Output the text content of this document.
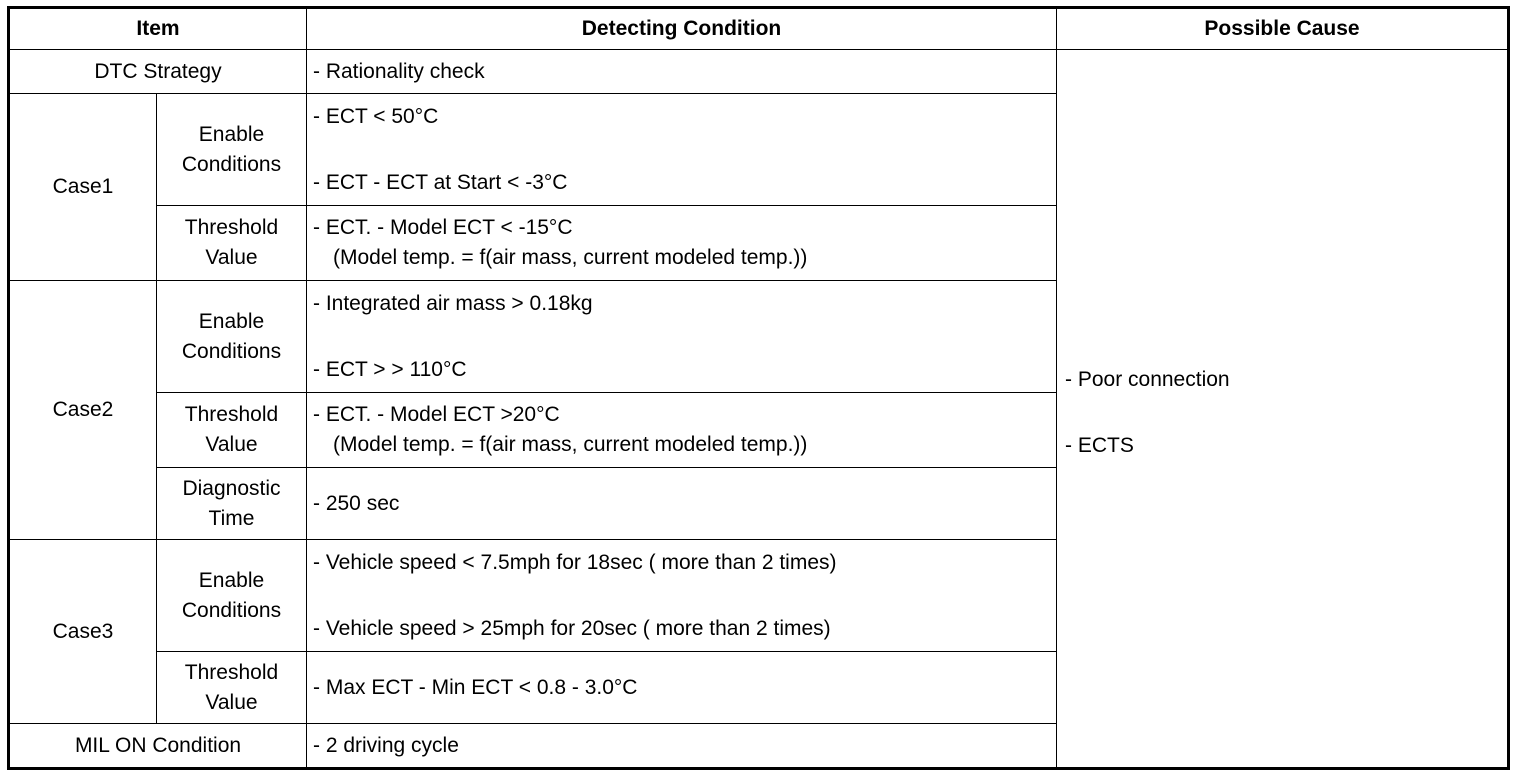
Item		Detecting Condition	Possible Cause
DTC Strategy		- Rationality check	- Poor connection
- ECTS

Case1	Enable Conditions	- ECT < 50°C
- ECT - ECT at Start < -3°C	

	Threshold Value	- ECT. - Model ECT < -15°C
(Model temp. = f(air mass, current modeled temp.))	

Case2	Enable Conditions	- Integrated air mass > 0.18kg
- ECT > > 110°C	

	Threshold Value	- ECT. - Model ECT >20°C
(Model temp. = f(air mass, current modeled temp.))	

	Diagnostic Time	- 250 sec	
Case3	Enable Conditions	- Vehicle speed < 7.5mph for 18sec ( more than 2 times)
- Vehicle speed > 25mph for 20sec ( more than 2 times)	

	Threshold Value	- Max ECT - Min ECT < 0.8 - 3.0°C	
MIL ON Condition		- 2 driving cycle	
